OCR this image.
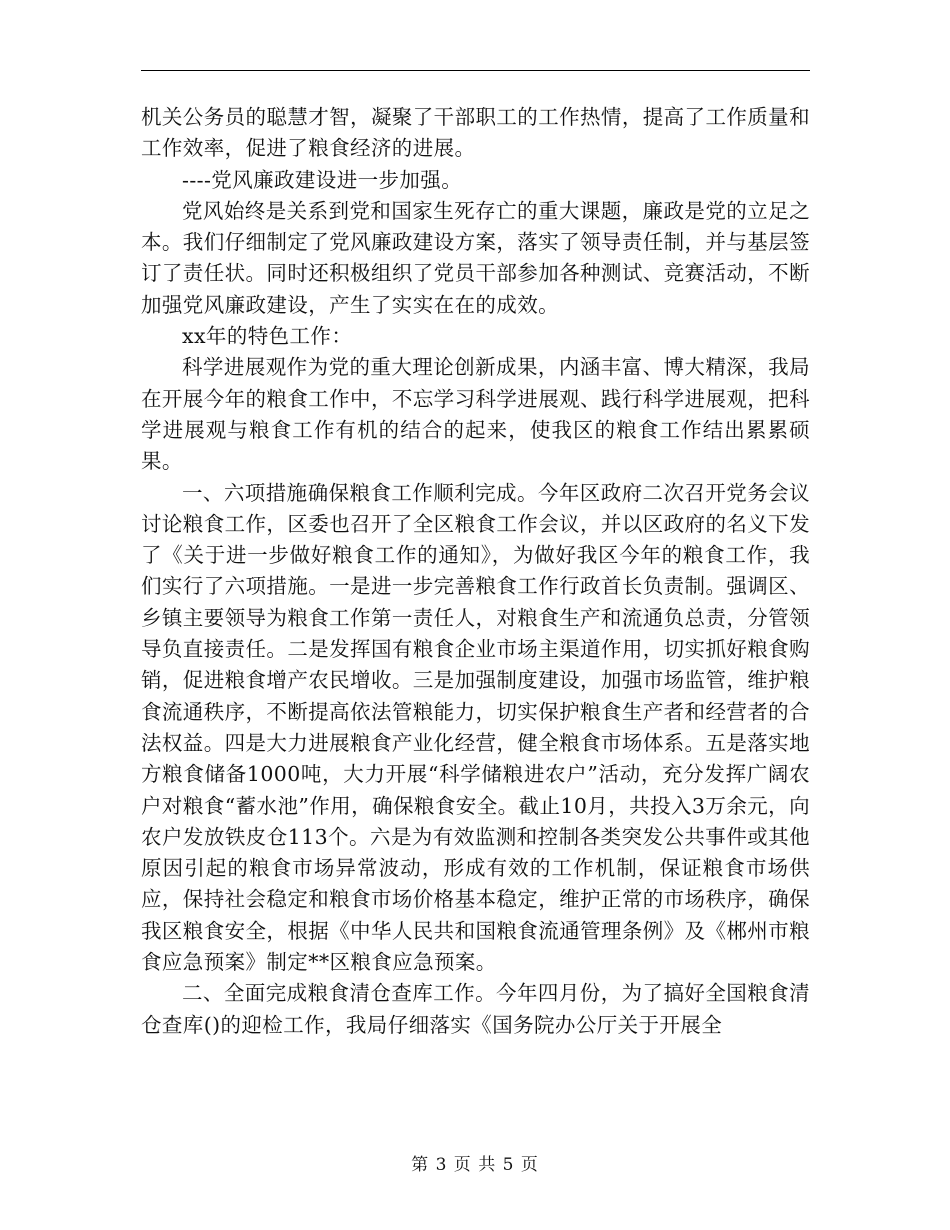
机关公务员的聪慧才智，凝聚了干部职工的工作热情，提高了工作质量和工作效率，促进了粮食经济的进展。

----党风廉政建设进一步加强。

党风始终是关系到党和国家生死存亡的重大课题，廉政是党的立足之本。我们仔细制定了党风廉政建设方案，落实了领导责任制，并与基层签订了责任状。同时还积极组织了党员干部参加各种测试、竞赛活动，不断加强党风廉政建设，产生了实实在在的成效。

xx年的特色工作：

科学进展观作为党的重大理论创新成果，内涵丰富、博大精深，我局在开展今年的粮食工作中，不忘学习科学进展观、践行科学进展观，把科学进展观与粮食工作有机的结合的起来，使我区的粮食工作结出累累硕果。

一、六项措施确保粮食工作顺利完成。今年区政府二次召开党务会议讨论粮食工作，区委也召开了全区粮食工作会议，并以区政府的名义下发了《关于进一步做好粮食工作的通知》，为做好我区今年的粮食工作，我们实行了六项措施。一是进一步完善粮食工作行政首长负责制。强调区、乡镇主要领导为粮食工作第一责任人，对粮食生产和流通负总责，分管领导负直接责任。二是发挥国有粮食企业市场主渠道作用，切实抓好粮食购销，促进粮食增产农民增收。三是加强制度建设，加强市场监管，维护粮食流通秩序，不断提高依法管粮能力，切实保护粮食生产者和经营者的合法权益。四是大力进展粮食产业化经营，健全粮食市场体系。五是落实地方粮食储备1000吨，大力开展“科学储粮进农户”活动，充分发挥广阔农户对粮食“蓄水池”作用，确保粮食安全。截止10月，共投入3万余元，向农户发放铁皮仓113个。六是为有效监测和控制各类突发公共事件或其他原因引起的粮食市场异常波动，形成有效的工作机制，保证粮食市场供应，保持社会稳定和粮食市场价格基本稳定，维护正常的市场秩序，确保我区粮食安全，根据《中华人民共和国粮食流通管理条例》及《郴州市粮食应急预案》制定**区粮食应急预案。

二、全面完成粮食清仓查库工作。今年四月份，为了搞好全国粮食清仓查库()的迎检工作，我局仔细落实《国务院办公厅关于开展全

第 3 页 共 5 页
